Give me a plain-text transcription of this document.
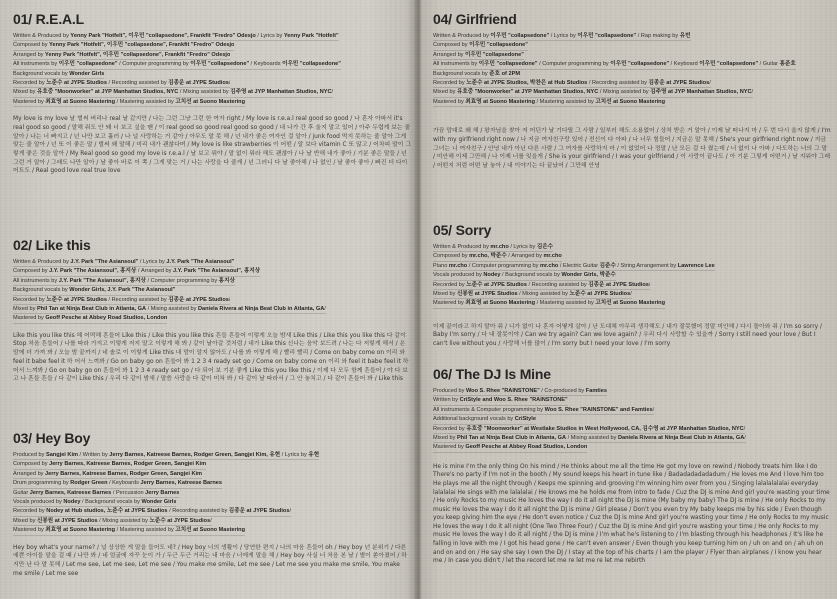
01/ R.E.A.L
Written & Produced by Yenny Park "Hotfelt", 이우민 "collapsedone", Frankfit "Fredro" Odesjo / Lyrics by Yenny Park "Hotfelt"
Composed by Yenny Park "Hotfelt", 이우민 "collapsedone", Frankfit "Fredro" Odesjo
Arranged by Yenny Park "Hotfelt", 이우민 "collapsedone", Frankfit "Fredro" Odesjo
All instruments by 이우민 "collapsedone" / Computer programming by 이우민 "collapsedone" / Keyboards 이우민 "collapsedone"
Background vocals by Wonder Girls
Recorded by 노준수 at JYPE Studios / Recording assisted by 김종운 at JYPE Studios/
Mixed by 유호중 "Moonworker" at JYP Manhattan Studios, NYC / Mixing assisted by 김주영 at JYP Manhattan Studios, NYC/
Mastered by 최효영 at Suono Mastering / Mastering assisted by 고치선 at Suono Mastering

My love is my love 날 벌써 버리나 real 날 같지만 / 나는 그런 그냥 그런 한 여자 right / My love is r.e.a.l real good so good / 나 혼자 아파서 it's real good so good / 말해 줘도 안 돼 너 보고 싶을 땐 / 이 real good so good real good so good / 내 나가 간 후 울지 말고 있어 / 아주 두렵게 보는 줄 알아 / 나는 너 빠지고 / 넌 나만 보고 흘러 / 나 널 사랑하는 거 같아 / 아무도 말 못 해 / 넌 내가 좋은 여자인 걸 알아 / junk food 먹지 못하는 줄 알아 그게 맞는 줄 알아 / 넌 또 이 좋은 말 / 벌써 왜 말해 / 미리 내가 괜찮다며 / My love is like strawberries 이 어떤 / 알 보다 vitamin C 또 많고 / 어차피 말이 그렇게 좋은 것을 알아 / My Real good so good my love is r.e.a.l / 날 보고 뭐야 / 말 없이 뭐라 해도 괜찮아 / 나 날 반해 내가 좋아 / 기분 좋은 말들 / 넌 그런 거 알아 / 그래도 나만 알아 / 날 좋아 바로 이 쪽 / 그게 맞는 거 / 나는 사랑을 다 줄게 / 넌 그러니 다 날 좋아해 / 나 없인 / 날 좋아 좋아 / 빠진 더 다이어트도 / Real good love real true love

02/ Like this
Written & Produced by J.Y. Park "The Asiansoul" / Lyrics by J.Y. Park "The Asiansoul"
Composed by J.Y. Park "The Asiansoul", 홍지상 / Arranged by J.Y. Park "The Asiansoul", 홍지상
All instruments by J.Y. Park "The Asiansoul", 홍지상 / Computer programming by 홍지상
Background vocals by Wonder Girls, J.Y. Park "The Asiansoul"
Recorded by 노준수 at JYPE Studios / Recording assisted by 김종운 at JYPE Studios/
Mixed by Phil Tan at Ninja Beat Club in Atlanta, GA / Mixing assisted by Daniela Rivera at Ninja Beat Club in Atlanta, GA/
Mastered by Geoff Pesche at Abbey Road Studios, London

Like this you like this 헤 어떡해 흔들어 Like this / Like this you like this 흔들 흔들어 이렇게 오늘 밤새 Like this / Like this you like this 다 같이 Stop 처음 흔들어 / 나를 따라 가지고 이렇게 저지 말고 이렇게 해 봐 / 같이 날아갈 것처럼 / 내가 Like this 신나는 음악 보드려 / 나는 다 저렇게 해서 / 온 맘에 더 가져 봐 / 오늘 밤 끝까지 / 네 솔로 이 이렇게 Like this 내 맘이 알지 않아도 / 나를 봐 이렇게 해 / 빨리 빨리 / Come on baby come on 이리 와 feel it babe feel it 하 어서 느껴봐 / Go on baby go on 흔들어 봐 1 2 3 4 ready set go / Come on baby come on 이리 와 feel it babe feel it 하 어서 느껴봐 / Go on baby go on 흔들어 봐 1 2 3 4 ready set go / 다 되어 보 기분 좋게 Like this you like this / 이제 다 모두 함께 흔들어 / 야 다 보고 나 흔들 흔들 / 다 같이 Like this / 우리 다 같이 밤새 / 말씀 사랑을 다 같이 미쳐 봐 / 다 같이 날 따라서 / 그 안 놓치고 / 다 같이 흔들어 봐 / Like this

03/ Hey Boy
Produced by Sangjei Kim / Written by Jerry Barnes, Katreese Barnes, Rodger Green, Sangjei Kim, 유현 / Lyrics by 유현
Composed by Jerry Barnes, Katreese Barnes, Rodger Green, Sangjei Kim
Arranged by Jerry Barnes, Katreese Barnes, Rodger Green, Sangjei Kim
Drum programming by Rodger Green / Keyboards Jerry Barnes, Katreese Barnes
Guitar Jerry Barnes, Katreese Barnes / Percussion Jerry Barnes
Vocals produced by Nodey / Background vocals by Wonder Girls
Recorded by Nodey at Hub studios, 노준수 at JYPE Studios / Recording assisted by 김종운 at JYPE Studios/
Mixed by 신봉원 at JYPE Studios / Mixing assisted by 노준수 at JYPE Studios/
Mastered by 최효영 at Suono Mastering / Mastering assisted by 고치선 at Suono Mastering

Hey boy what's your name? / 널 상상한 게 말을 들어도 네? / Hey boy 너의 생활이 / 당연한 편지 / 나의 마음 흔들어 oh / Hey boy 넌 분위기 / 다른 예쁜 아이들 말을 걸 때 / 나만 봐 / 네 얼굴에 자꾸 눈이 가 / 두근 두근 거리는 내 마음 / 너에게 말을 해 / Hey boy 사실 너 처음 본 날 / 별이 쏟아졌어 / 하지만 난 다 말 못해 / Let me see, Let me see, Let me see / You make me smile, Let me see / Let me see you make me smile, You make me smile / Let me see

04/ Girlfriend
Written & Produced by 이우민 "collapsedone" / Lyrics by 이우민 "collapsedone" / Rap making by 유빈
Composed by 이우민 "collapsedone"
Arranged by 이우민 "collapsedone"
All instruments by 이우민 "collapsedone" / Computer programming by 이우민 "collapsedone" / Keyboard 이우민 "collapsedone" / Guitar 홍준호
Background vocals by 준호 of 2PM
Recorded by 노준수 at JYPE Studios, 박찬은 at Hub Studios / Recording assisted by 김종운 at JYPE Studios/
Mixed by 유호중 "Moonworker" at JYP Manhattan Studios, NYC / Mixing assisted by 김주영 at JYP Manhattan Studios, NYC/
Mastered by 최효영 at Suono Mastering / Mastering assisted by 고치선 at Suono Mastering

가끔 맘대로 왜 해 / 왕자님을 찾아 저 어딘가 날 기다릴 그 사람 / 일부러 해도 소용없어 / 상처 받은 거 알아 / 이제 날 떠나지 마 / 두 번 다시 울지 않게 / I'm with my girlfriend right now / 나 지금 여자친구랑 있어 / 전신이 다 아파 / 나 너무 힘들어 / 지금은 말 못해 / She's your girlfriend right now / 지금 그녀는 니 여자친구 / 안녕 내가 아닌 다른 사람 / 그 여자를 사랑하지 마 / 이 없었어 나 정말 / 난 모든 걸 다 줬는데 / 너 없이 나 아파 / 다도하는 너의 그 말 / 미안해 이제 그만해 / 나 이제 너를 잊을게 / She is your girlfriend / I was your girlfriend / 이 사랑이 끝나도 / 아 기분 그렇게 어떤거 / 날 지워야 그래 / 어떤지 처럼 어떤 날 놓아 / 내 이야기는 다 끝났어 / 그만해 안녕

05/ Sorry
Written & Produced by mr.cho / Lyrics by 김은수
Composed by mr.cho, 박준수 / Arranged by mr.cho
Piano mr.cho / Computer programming by mr.cho / Electric Guitar 김준수 / String Arrangement by Lawrence Lee
Vocals produced by Nodey / Background vocals by Wonder Girls, 박준수
Recorded by 노준수 at JYPE Studios / Recording assisted by 김종운 at JYPE Studios/
Mixed by 신봉원 at JYPE Studios / Mixing assisted by 노준수 at JYPE Studios/
Mastered by 최효영 at Suono Mastering / Mastering assisted by 고치선 at Suono Mastering

이제 끝이라고 하지 말아 줘 / 니가 없이 나 혼자 어떻게 살아 / 난 도대체 아무리 생각해도 / 내가 잘못했어 정말 미안해 / 다시 돌아와 줘 / I'm so sorry / Baby I'm sorry / 다 내 잘못이야 / Can we try again? Can we love again? / 우리 다시 사랑할 수 있을까 / Sorry I still need your love / But I can't live without you / 사랑해 너를 많이 / I'm sorry but I need your love / I'm sorry

06/ The DJ Is Mine
Produced by Woo S. Rhee "RAINSTONE" / Co-produced by Famties
Written by CriStyle and Woo S. Rhee "RAINSTONE"
All instruments & Computer programming by Woo S. Rhee "RAINSTONE" and Famties/
Additional background vocals by CriStyle
Recorded by 유호중 "Moonworker" at Westlake Studios in West Hollywood, CA, 김수영 at JYP Manhattan Studios, NYC/
Mixed by Phil Tan at Ninja Beat Club in Atlanta, GA / Mixing assisted by Daniela Rivera at Ninja Beat Club in Atlanta, GA/
Mastered by Geoff Pesche at Abbey Road Studios, London

He is mine I'm the only thing On his mind / He thinks about me all the time He got my love on rewind / Nobody treats him like I do There's no party if I'm not in the booth / My sound keeps his heart in tune like / Badadadadadadum / He loves me And I love him too He plays me all the night through / Keeps me spinning and grooving I'm winning him over from you / Singing lalalalalalai everyday lalalalai He sings with me lalalalai / He knows me he holds me from intro to fade / Cuz the DJ is mine And girl you're wasting your time / He only Rocks to my music He loves the way I do it all night the DJ is mine (My baby my baby) The DJ is mine / He only Rocks to my music He loves the way I do it all night the DJ is mine / Girl please / Don't you even try My baby keeps me by his side / Even though you keep giving him the eye / He don't even notice / Cuz the DJ is mine And girl you're wasting your time / He only Rocks to my music He loves the way I do it all night (One Two Three Four) / Cuz the DJ is mine And girl you're wasting your time / He only Rocks to my music He loves the way I do it all night / the DJ is mine / I'm what he's listening to / I'm blasting through his headphones / It's like he falling in love with me / I got his head gone / He can't even answer / Even though you keep turning him on / uh on and on / ah uh on and on and on / He say she say I own the DJ / I stay at the top of his charts / I am the player / Flyer than airplanes / I know you hear me / In case you didn't / let the record let me re let me re let me rebirth
